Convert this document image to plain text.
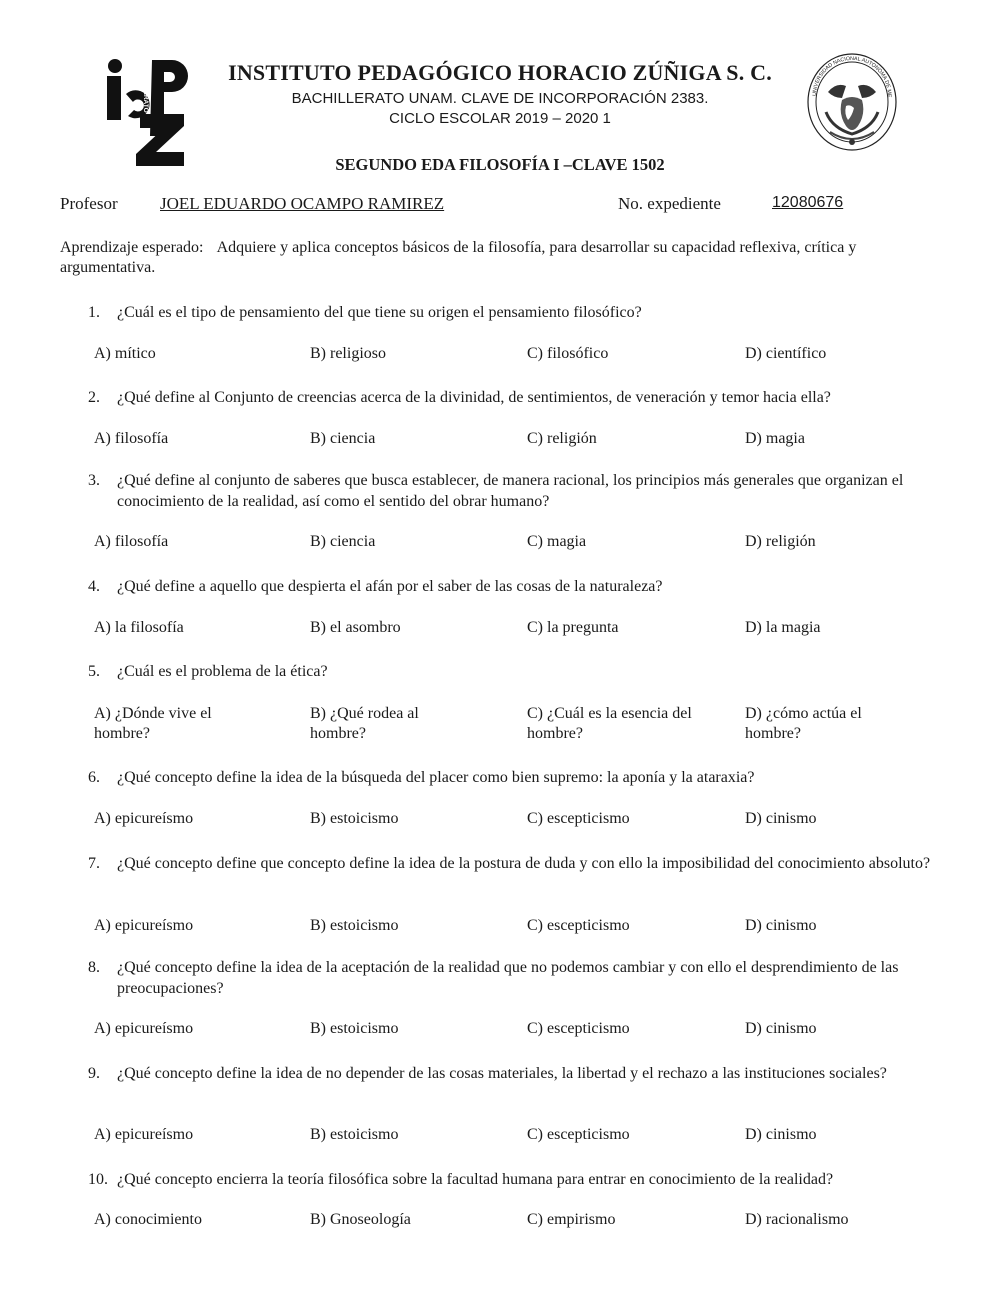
BACHILLERATO	UNIVERSIDAD NACIONAL AUTONOMA DE ME
INSTITUTO PEDAGÓGICO HORACIO ZÚÑIGA S. C.
BACHILLERATO UNAM. CLAVE DE INCORPORACIÓN 2383.
CICLO ESCOLAR 2019 – 2020 1
SEGUNDO EDA FILOSOFÍA I –CLAVE 1502
Profesor JOEL EDUARDO OCAMPO RAMIREZ	No. expediente	12080676
Aprendizaje esperado: Adquiere y aplica conceptos básicos de la filosofía, para desarrollar su capacidad reflexiva, crítica y argumentativa.
1. ¿Cuál es el tipo de pensamiento del que tiene su origen el pensamiento filosófico?
A) mítico	B) religioso	C) filosófico	D) científico
2. ¿Qué define al Conjunto de creencias acerca de la divinidad, de sentimientos, de veneración y temor hacia ella?
A) filosofía	B) ciencia	C) religión	D) magia
3. ¿Qué define al conjunto de saberes que busca establecer, de manera racional, los principios más generales que organizan el conocimiento de la realidad, así como el sentido del obrar humano?
A) filosofía	B) ciencia	C) magia	D) religión
4. ¿Qué define a aquello que despierta el afán por el saber de las cosas de la naturaleza?
A) la filosofía	B) el asombro	C) la pregunta	D) la magia
5. ¿Cuál es el problema de la ética?
A) ¿Dónde vive el hombre?
B) ¿Qué rodea al hombre?
C) ¿Cuál es la esencia del hombre?
D) ¿cómo actúa el hombre?
6. ¿Qué concepto define la idea de la búsqueda del placer como bien supremo: la aponía y la ataraxia?
A) epicureísmo	B) estoicismo	C) escepticismo	D) cinismo
7. ¿Qué concepto define que concepto define la idea de la postura de duda y con ello la imposibilidad del conocimiento absoluto?
A) epicureísmo	B) estoicismo	C) escepticismo	D) cinismo
8. ¿Qué concepto define la idea de la aceptación de la realidad que no podemos cambiar y con ello el desprendimiento de las preocupaciones?
A) epicureísmo	B) estoicismo	C) escepticismo	D) cinismo
9. ¿Qué concepto define la idea de no depender de las cosas materiales, la libertad y el rechazo a las instituciones sociales?
A) epicureísmo	B) estoicismo	C) escepticismo	D) cinismo
10. ¿Qué concepto encierra la teoría filosófica sobre la facultad humana para entrar en conocimiento de la realidad?
A) conocimiento	B) Gnoseología	C) empirismo	D) racionalismo
